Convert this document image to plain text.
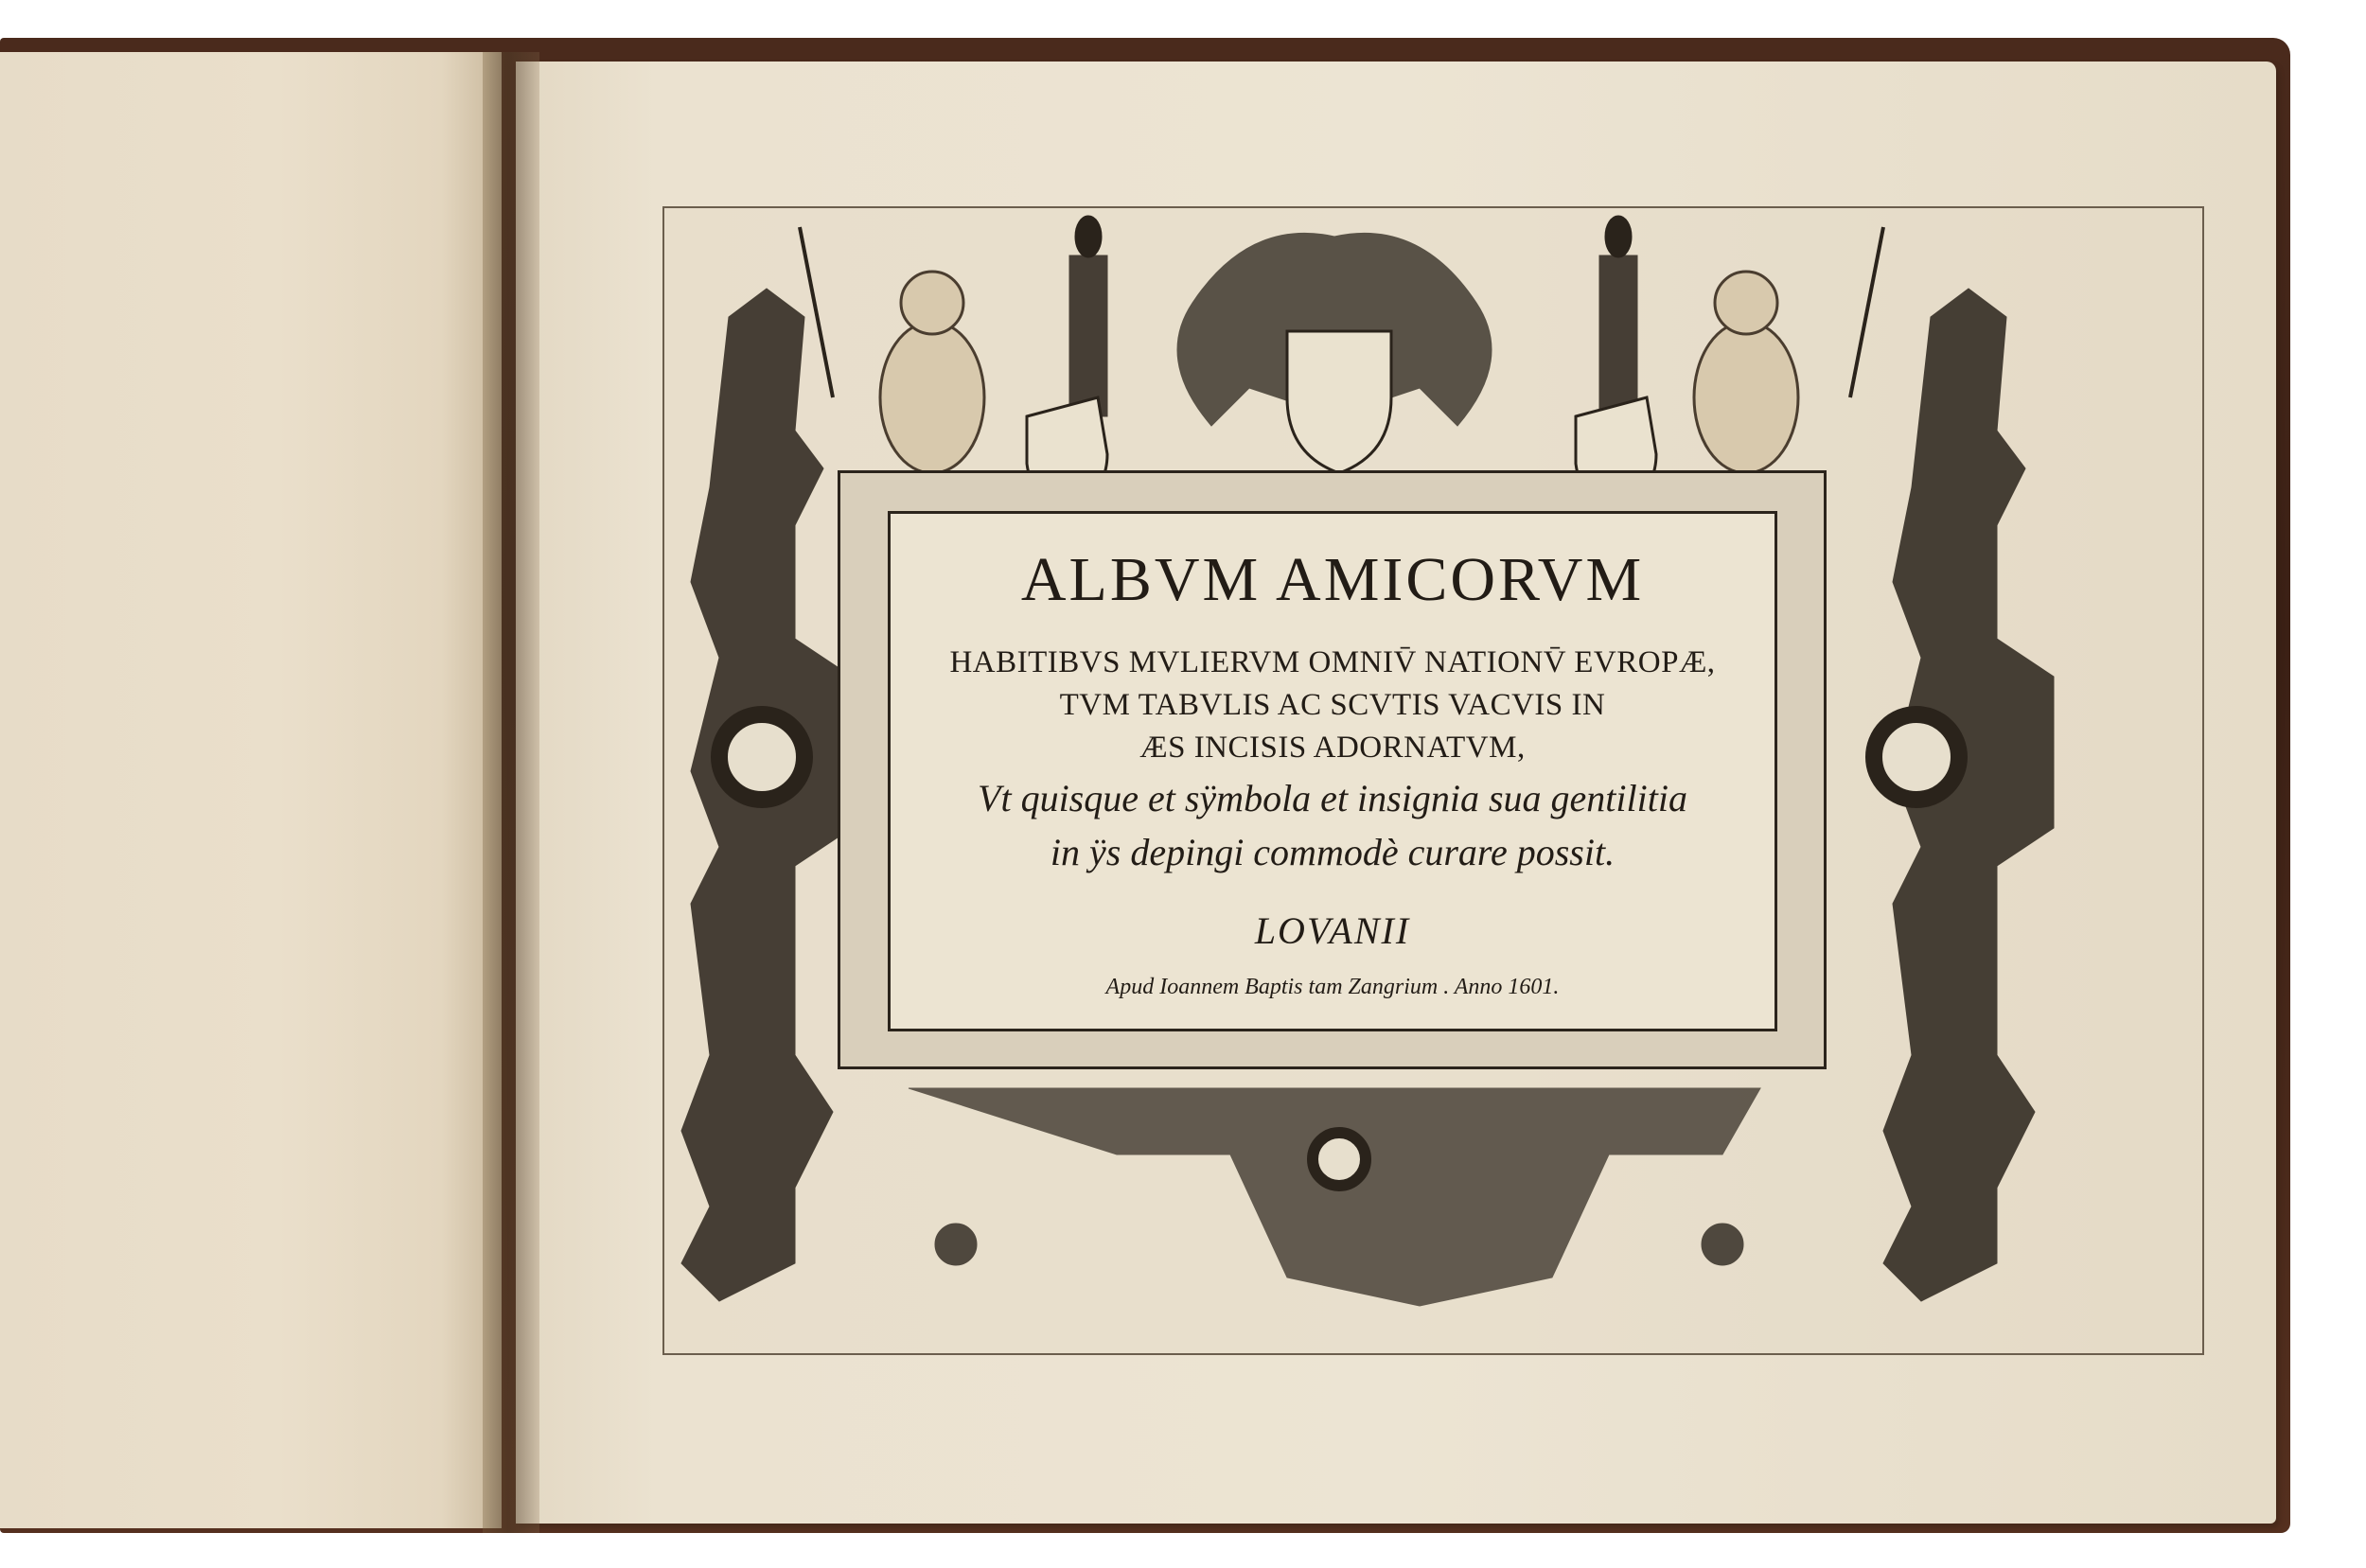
ALBVM AMICORVM
HABITIBVS MVLIERVM OMNIV̄ NATIONV̄ EVROPÆ,
TVM TABVLIS AC SCVTIS VACVIS IN
ÆS INCISIS ADORNATVM,
Vt quisque et sÿmbola et insignia sua gentilitia
in ÿs depingi commodè curare possit.
LOVANII
Apud Ioannem Baptis tam Zangrium . Anno 1601.
